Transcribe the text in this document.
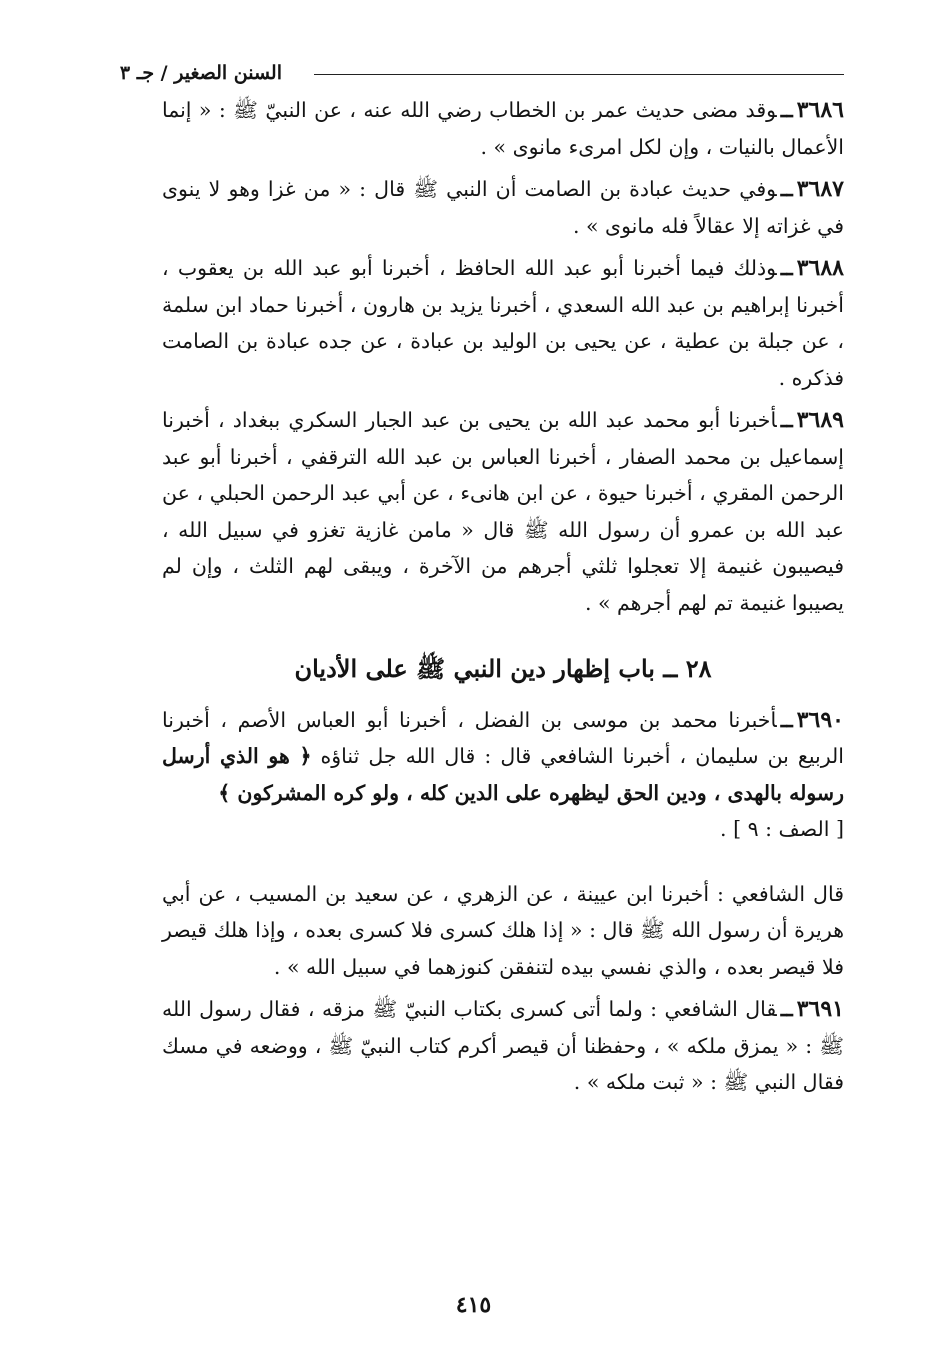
السنن الصغير / جـ ٣

٣٦٨٦ــوقد مضى حديث عمر بن الخطاب رضي الله عنه ، عن النبيّ ﷺ : « إنما الأعمال بالنيات ، وإن لكل امرىء مانوى » .

٣٦٨٧ــوفي حديث عبادة بن الصامت أن النبي ﷺ قال : « من غزا وهو لا ينوى في غزاته إلا عقالاً فله مانوى » .

٣٦٨٨ــوذلك فيما أخبرنا أبو عبد الله الحافظ ، أخبرنا أبو عبد الله بن يعقوب ، أخبرنا إبراهيم بن عبد الله السعدي ، أخبرنا يزيد بن هارون ، أخبرنا حماد ابن سلمة ، عن جبلة بن عطية ، عن يحيى بن الوليد بن عبادة ، عن جده عبادة بن الصامت فذكره .

٣٦٨٩ــأخبرنا أبو محمد عبد الله بن يحيى بن عبد الجبار السكري ببغداد ، أخبرنا إسماعيل بن محمد الصفار ، أخبرنا العباس بن عبد الله الترقفي ، أخبرنا أبو عبد الرحمن المقري ، أخبرنا حيوة ، عن ابن هانىء ، عن أبي عبد الرحمن الحبلي ، عن عبد الله بن عمرو أن رسول الله ﷺ قال « مامن غازية تغزو في سبيل الله ، فيصيبون غنيمة إلا تعجلوا ثلثي أجرهم من الآخرة ، ويبقى لهم الثلث ، وإن لم يصيبوا غنيمة تم لهم أجرهم » .

٢٨ ــ باب إظهار دين النبي ﷺ على الأديان

٣٦٩٠ــأخبرنا محمد بن موسى بن الفضل ، أخبرنا أبو العباس الأصم ، أخبرنا الربيع بن سليمان ، أخبرنا الشافعي قال : قال الله جل ثناؤه ﴿ هو الذي أرسل رسوله بالهدى ، ودين الحق ليظهره على الدين كله ، ولو كره المشركون ﴾
[ الصف : ٩ ] .

قال الشافعي : أخبرنا ابن عيينة ، عن الزهري ، عن سعيد بن المسيب ، عن أبي هريرة أن رسول الله ﷺ قال : « إذا هلك كسرى فلا كسرى بعده ، وإذا هلك قيصر فلا قيصر بعده ، والذي نفسي بيده لتنفقن كنوزهما في سبيل الله » .

٣٦٩١ــقال الشافعي : ولما أتى كسرى بكتاب النبيّ ﷺ مزقه ، فقال رسول الله ﷺ : « يمزق ملكه » ، وحفظنا أن قيصر أكرم كتاب النبيّ ﷺ ، ووضعه في مسك فقال النبي ﷺ : « ثبت ملكه » .

٤١٥
